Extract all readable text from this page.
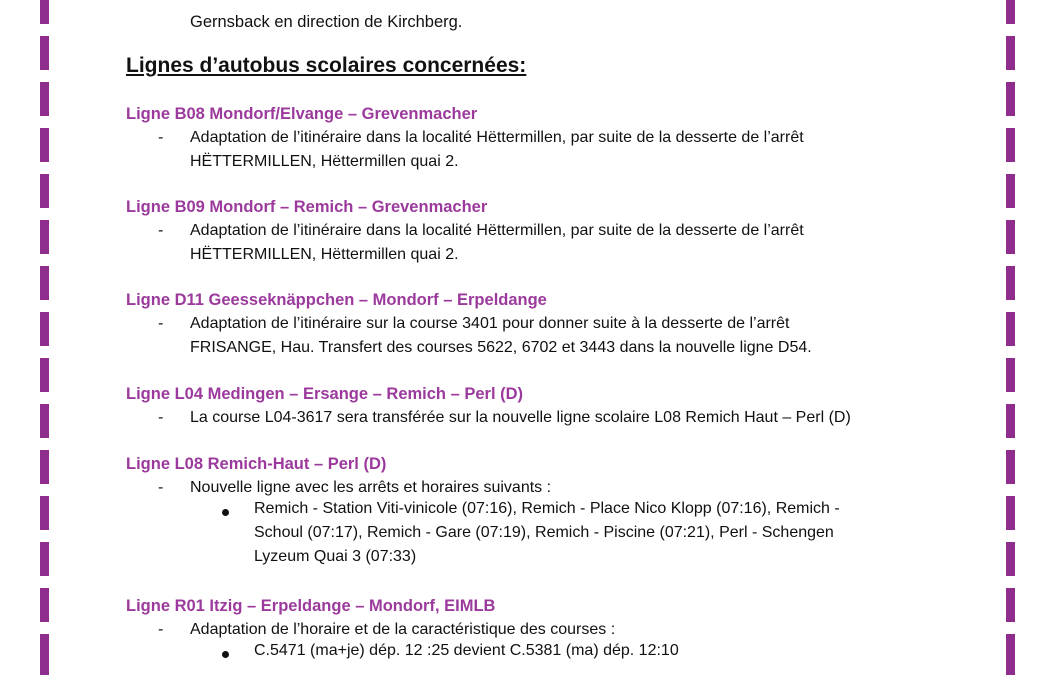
Gernsback en direction de Kirchberg.
Lignes d’autobus scolaires concernées:
Ligne B08 Mondorf/Elvange – Grevenmacher
-	Adaptation de l’itinéraire dans la localité Hëttermillen, par suite de la desserte de l’arrêt
HËTTERMILLEN, Hëttermillen quai 2.
Ligne B09 Mondorf – Remich – Grevenmacher
-	Adaptation de l’itinéraire dans la localité Hëttermillen, par suite de la desserte de l’arrêt
HËTTERMILLEN, Hëttermillen quai 2.
Ligne D11 Geesseknäppchen – Mondorf – Erpeldange
-	Adaptation de l’itinéraire sur la course 3401 pour donner suite à la desserte de l’arrêt
FRISANGE, Hau. Transfert des courses 5622, 6702 et 3443 dans la nouvelle ligne D54.
Ligne L04 Medingen – Ersange – Remich – Perl (D)
-	La course L04-3617 sera transférée sur la nouvelle ligne scolaire L08 Remich Haut – Perl (D)
Ligne L08 Remich-Haut – Perl (D)
-	Nouvelle ligne avec les arrêts et horaires suivants :
Remich - Station Viti-vinicole (07:16), Remich - Place Nico Klopp (07:16), Remich -
Schoul (07:17), Remich - Gare (07:19), Remich - Piscine (07:21), Perl - Schengen
Lyzeum Quai 3 (07:33)
Ligne R01 Itzig – Erpeldange – Mondorf, EIMLB
-	Adaptation de l’horaire et de la caractéristique des courses :
C.5471 (ma+je) dép. 12 :25 devient C.5381 (ma) dép. 12:10
